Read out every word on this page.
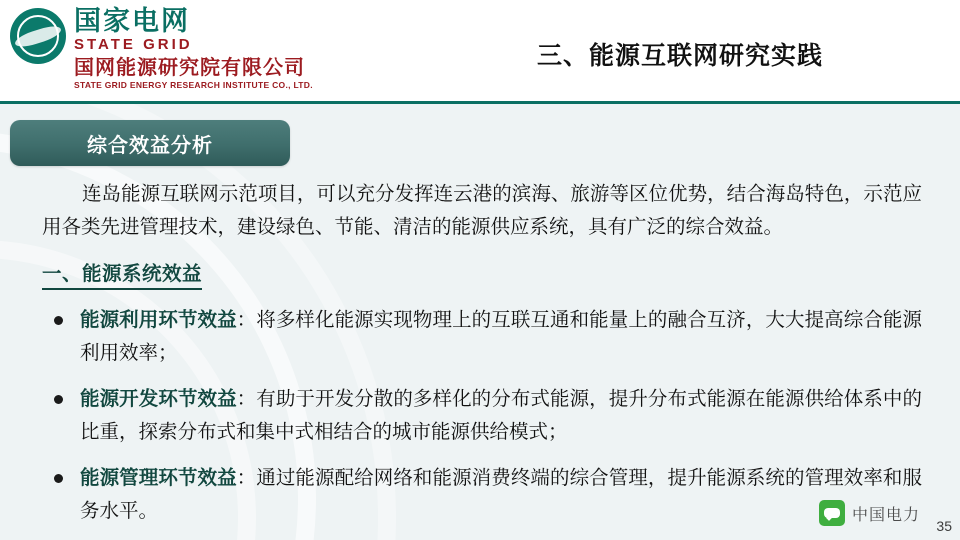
国家电网
STATE GRID
国网能源研究院有限公司
STATE GRID ENERGY RESEARCH INSTITUTE CO., LTD.
三、能源互联网研究实践
综合效益分析

连岛能源互联网示范项目，可以充分发挥连云港的滨海、旅游等区位优势，结合海岛特色，示范应用各类先进管理技术，建设绿色、节能、清洁的能源供应系统，具有广泛的综合效益。

一、能源系统效益
能源利用环节效益：将多样化能源实现物理上的互联互通和能量上的融合互济，大大提高综合能源利用效率；
能源开发环节效益：有助于开发分散的多样化的分布式能源，提升分布式能源在能源供给体系中的比重，探索分布式和集中式相结合的城市能源供给模式；
能源管理环节效益：通过能源配给网络和能源消费终端的综合管理，提升能源系统的管理效率和服务水平。	中国电力
35
